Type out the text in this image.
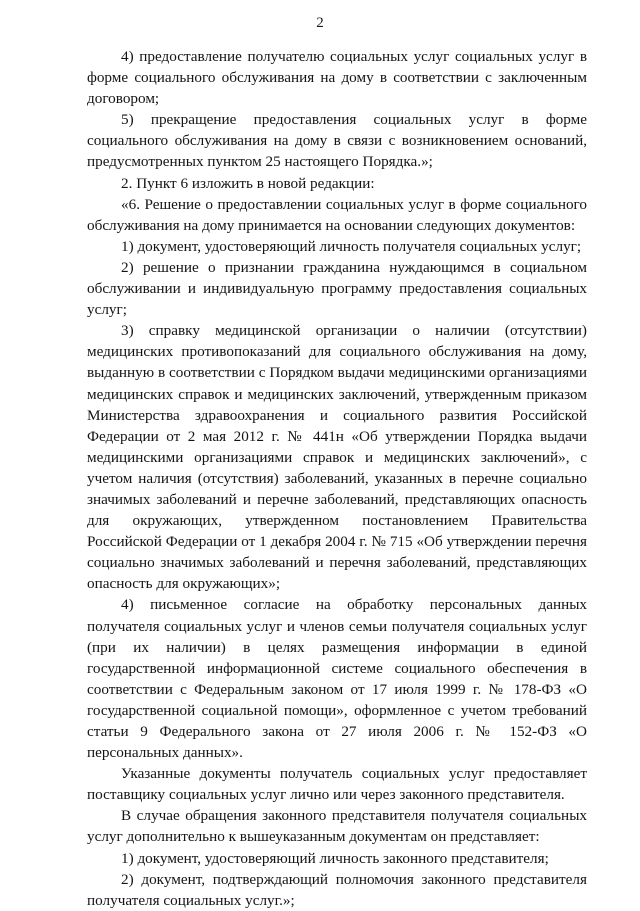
2

4) предоставление получателю социальных услуг социальных услуг в форме социального обслуживания на дому в соответствии с заключенным договором;

5) прекращение предоставления социальных услуг в форме социального обслуживания на дому в связи с возникновением оснований, предусмотренных пунктом 25 настоящего Порядка.»;

2. Пункт 6 изложить в новой редакции:

«6. Решение о предоставлении социальных услуг в форме социального обслуживания на дому принимается на основании следующих документов:

1) документ, удостоверяющий личность получателя социальных услуг;

2) решение о признании гражданина нуждающимся в социальном обслуживании и индивидуальную программу предоставления социальных услуг;

3) справку медицинской организации о наличии (отсутствии) медицинских противопоказаний для социального обслуживания на дому, выданную в соответствии с Порядком выдачи медицинскими организациями медицинских справок и медицинских заключений, утвержденным приказом Министерства здравоохранения и социального развития Российской Федерации от 2 мая 2012 г. № 441н «Об утверждении Порядка выдачи медицинскими организациями справок и медицинских заключений», с учетом наличия (отсутствия) заболеваний, указанных в перечне социально значимых заболеваний и перечне заболеваний, представляющих опасность для окружающих, утвержденном постановлением Правительства Российской Федерации от 1 декабря 2004 г. № 715 «Об утверждении перечня социально значимых заболеваний и перечня заболеваний, представляющих опасность для окружающих»;

4) письменное согласие на обработку персональных данных получателя социальных услуг и членов семьи получателя социальных услуг (при их наличии) в целях размещения информации в единой государственной информационной системе социального обеспечения в соответствии с Федеральным законом от 17 июля 1999 г. № 178-ФЗ «О государственной социальной помощи», оформленное с учетом требований статьи 9 Федерального закона от 27 июля 2006 г. № 152-ФЗ «О персональных данных».

Указанные документы получатель социальных услуг предоставляет поставщику социальных услуг лично или через законного представителя.

В случае обращения законного представителя получателя социальных услуг дополнительно к вышеуказанным документам он представляет:

1) документ, удостоверяющий личность законного представителя;

2) документ, подтверждающий полномочия законного представителя получателя социальных услуг.»;
